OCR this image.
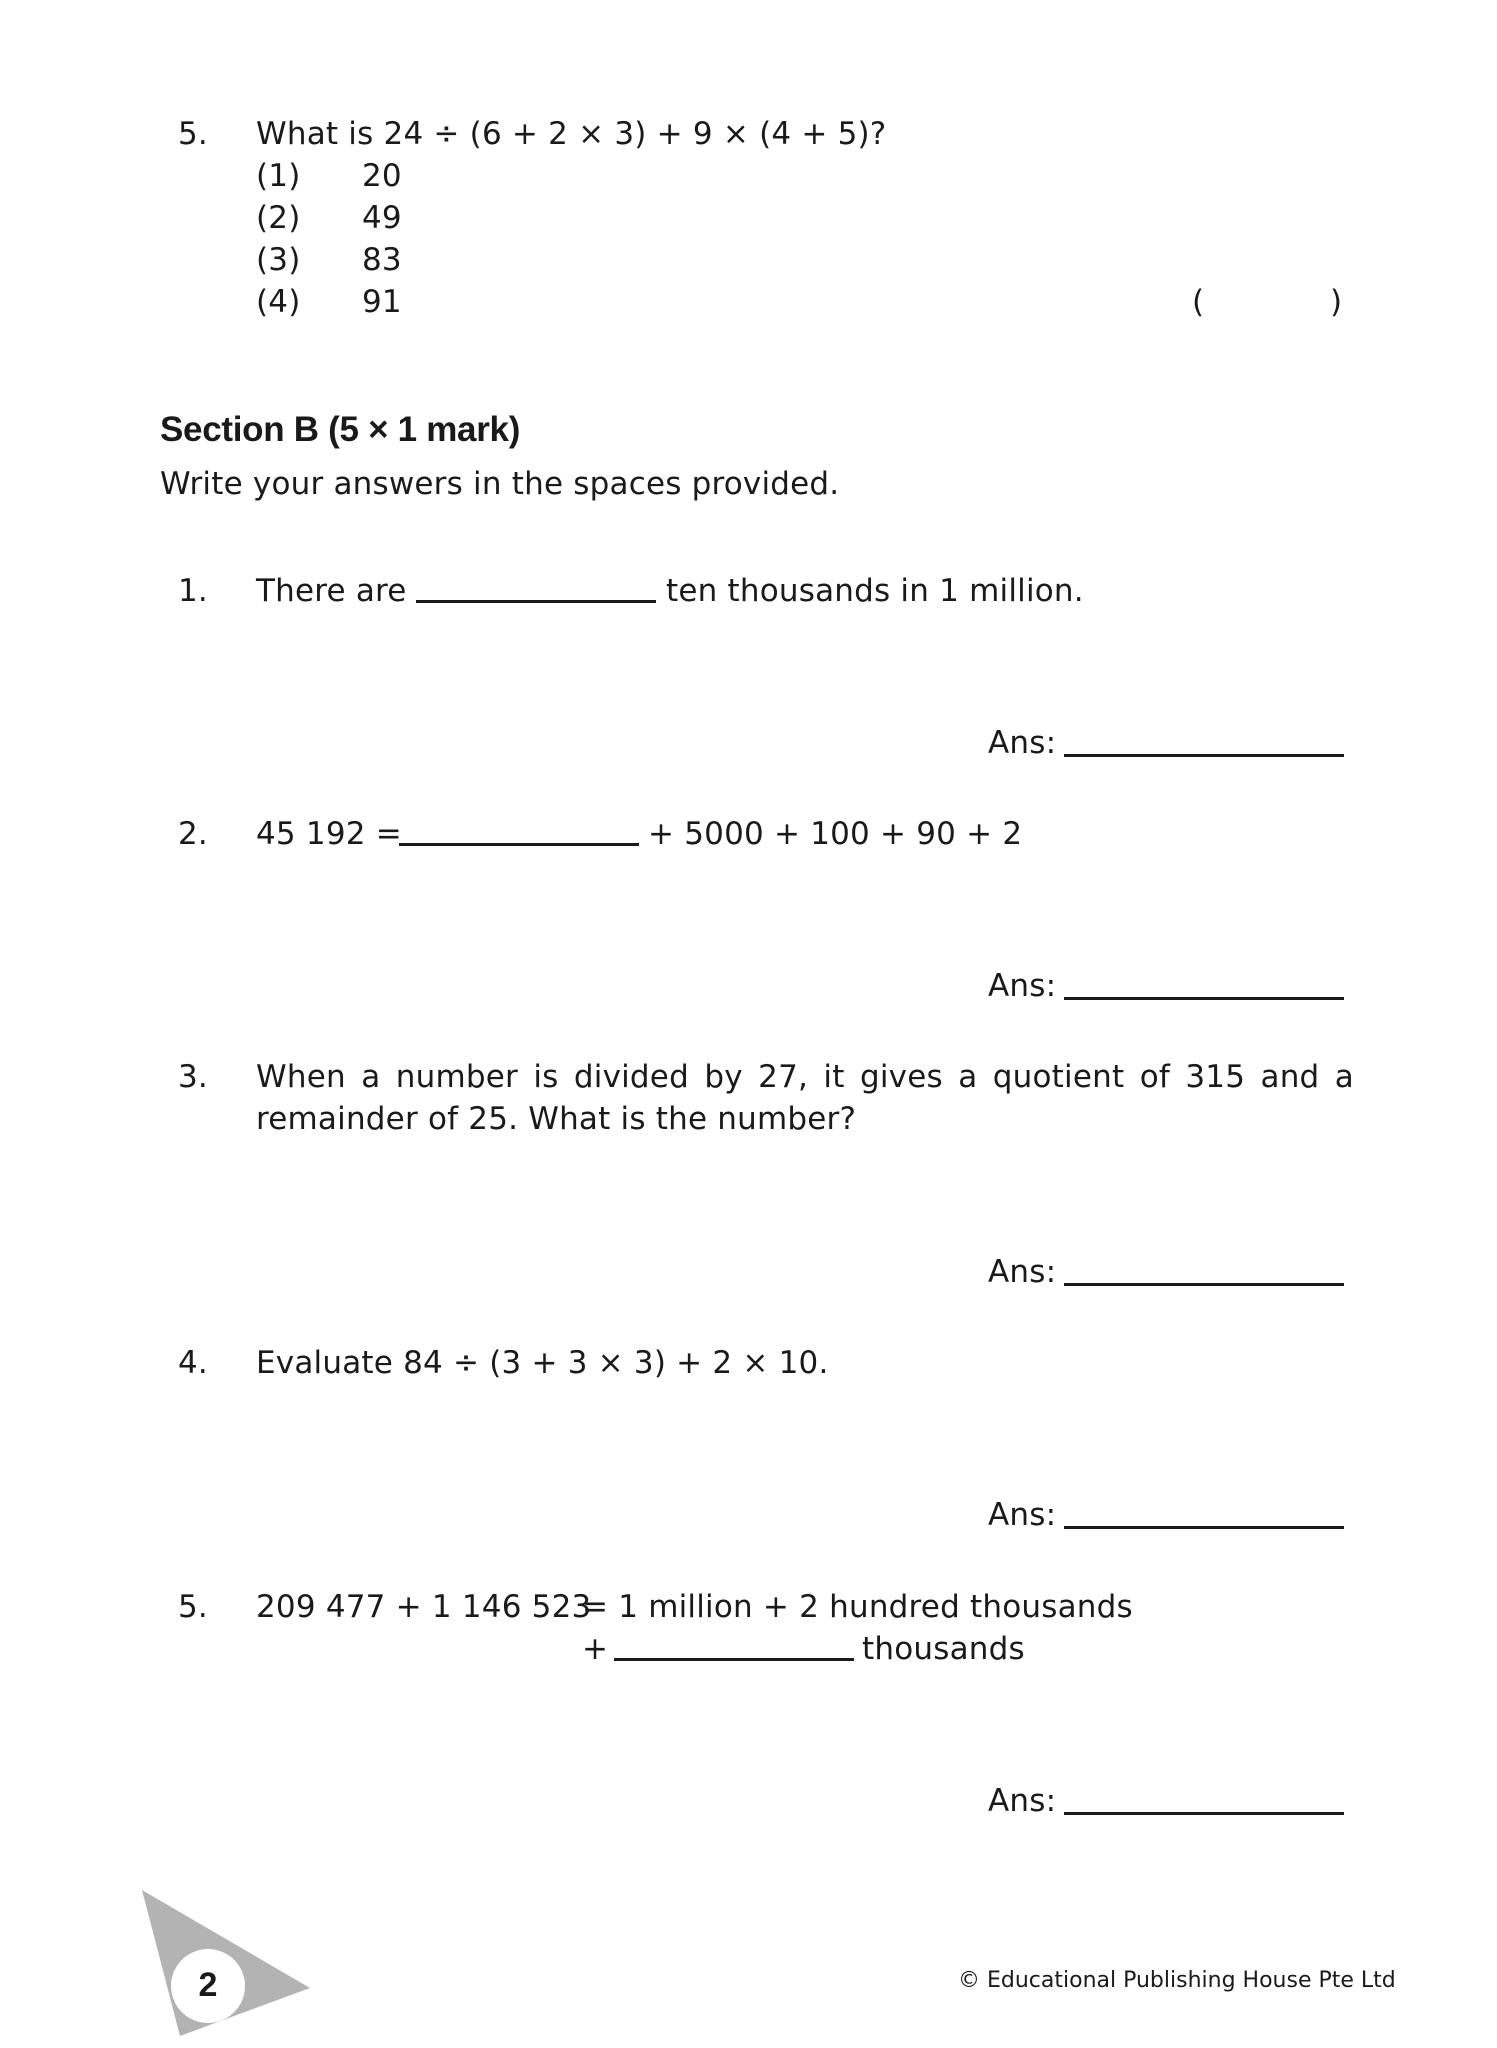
5. What is 24 ÷ (6 + 2 × 3) + 9 × (4 + 5)?
(1) 20
(2) 49
(3) 83
(4) 91	(	)
Section B (5 × 1 mark)
Write your answers in the spaces provided.
1. There are	ten thousands in 1 million.
Ans:
2. 45 192 =	+ 5000 + 100 + 90 + 2
Ans:
3. When a number is divided by 27, it gives a quotient of 315 and a
remainder of 25. What is the number?
Ans:
4. Evaluate 84 ÷ (3 + 3 × 3) + 2 × 10.
Ans:
5. 209 477 + 1 146 523
= 1 million + 2 hundred thousands
+	thousands
Ans:
2	© Educational Publishing House Pte Ltd
